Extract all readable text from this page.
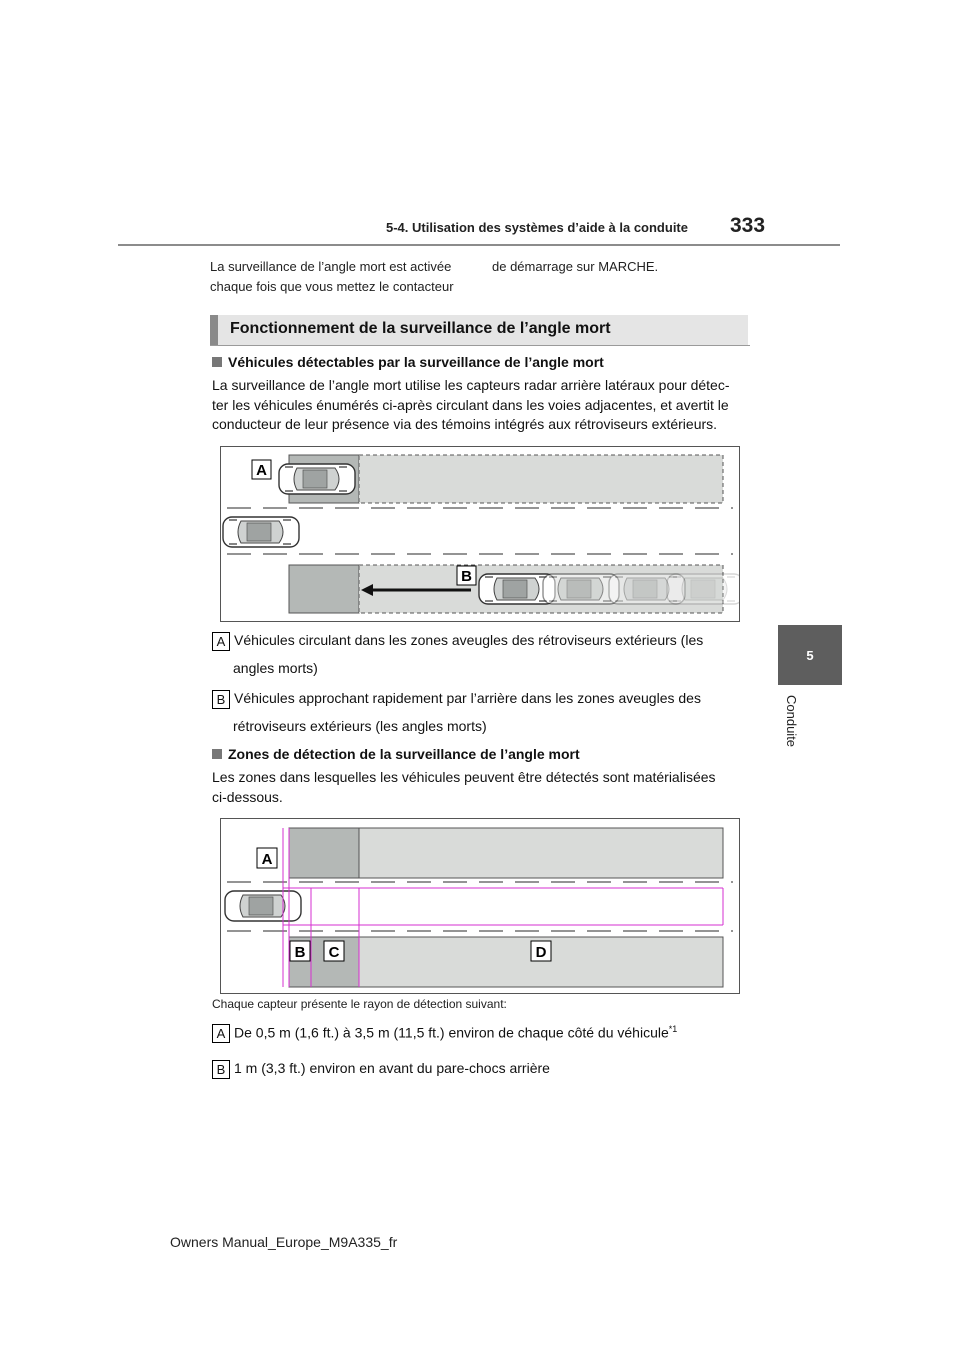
5-4. Utilisation des systèmes d’aide à la conduite 333
5
Conduite

La surveillance de l’angle mort est activée

chaque fois que vous mettez le contacteur

de démarrage sur MARCHE.

Fonctionnement de la surveillance de l’angle mort
Véhicules détectables par la surveillance de l’angle mort

La surveillance de l’angle mort utilise les capteurs radar arrière latéraux pour détec-

ter les véhicules énumérés ci-après circulant dans les voies adjacentes, et avertit le

conducteur de leur présence via des témoins intégrés aux rétroviseurs extérieurs.

A
B
A Véhicules circulant dans les zones aveugles des rétroviseurs extérieurs (les
angles morts)
B Véhicules approchant rapidement par l’arrière dans les zones aveugles des
rétroviseurs extérieurs (les angles morts)
Zones de détection de la surveillance de l’angle mort

Les zones dans lesquelles les véhicules peuvent être détectés sont matérialisées

ci-dessous.

A
B C	D
Chaque capteur présente le rayon de détection suivant:
A De 0,5 m (1,6 ft.) à 3,5 m (11,5 ft.) environ de chaque côté du véhicule$^{*1}$
B 1 m (3,3 ft.) environ en avant du pare-chocs arrière
Owners Manual_Europe_M9A335_fr
